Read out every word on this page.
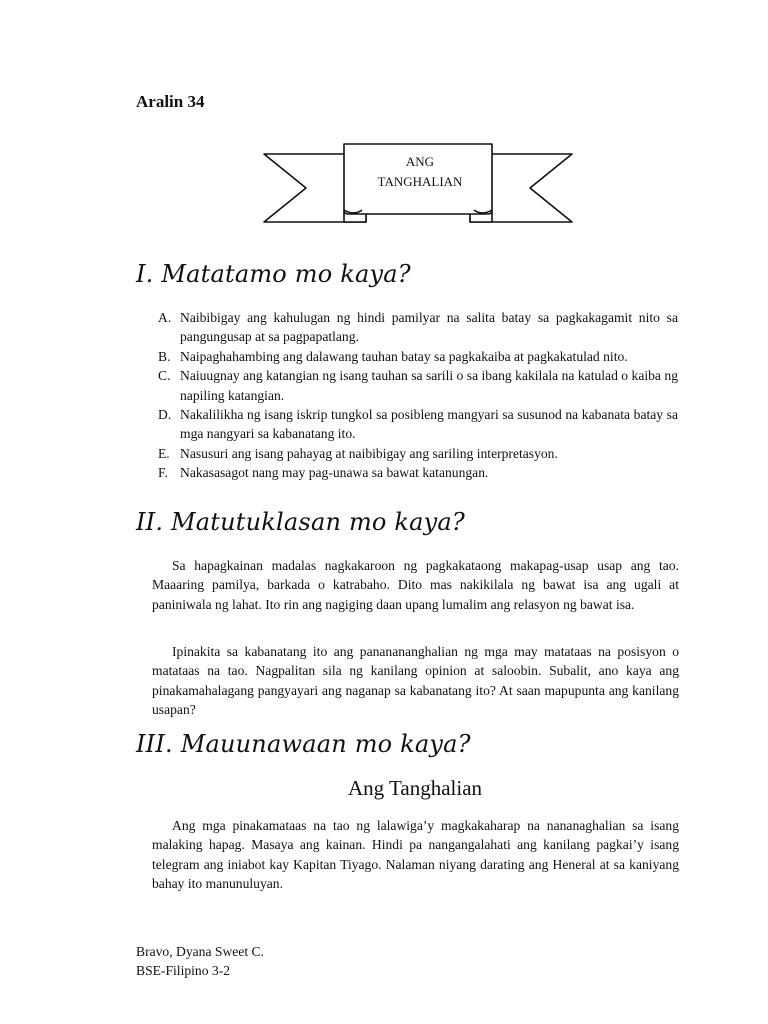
Aralin 34
ANG
TANGHALIAN
I. Matatamo mo kaya?
A. Naibibigay ang kahulugan ng hindi pamilyar na salita batay sa pagkakagamit nito sa pangungusap at sa pagpapatlang.
B. Naipaghahambing ang dalawang tauhan batay sa pagkakaiba at pagkakatulad nito.
C. Naiuugnay ang katangian ng isang tauhan sa sarili o sa ibang kakilala na katulad o kaiba ng napiling katangian.
D. Nakalilikha ng isang iskrip tungkol sa posibleng mangyari sa susunod na kabanata batay sa mga nangyari sa kabanatang ito.
E. Nasusuri ang isang pahayag at naibibigay ang sariling interpretasyon.
F. Nakasasagot nang may pag-unawa sa bawat katanungan.
II. Matutuklasan mo kaya?

Sa hapagkainan madalas nagkakaroon ng pagkakataong makapag-usap usap ang tao. Maaaring pamilya, barkada o katrabaho. Dito mas nakikilala ng bawat isa ang ugali at paniniwala ng lahat. Ito rin ang nagiging daan upang lumalim ang relasyon ng bawat isa.

Ipinakita sa kabanatang ito ang pananananghalian ng mga may matataas na posisyon o matataas na tao. Nagpalitan sila ng kanilang opinion at saloobin. Subalit, ano kaya ang pinakamahalagang pangyayari ang naganap sa kabanatang ito? At saan mapupunta ang kanilang usapan?

III. Mauunawaan mo kaya?
Ang Tanghalian

Ang mga pinakamataas na tao ng lalawiga’y magkakaharap na nananaghalian sa isang malaking hapag. Masaya ang kainan. Hindi pa nangangalahati ang kanilang pagkai’y isang telegram ang iniabot kay Kapitan Tiyago. Nalaman niyang darating ang Heneral at sa kaniyang bahay ito manunuluyan.

Bravo, Dyana Sweet C.
BSE-Filipino 3-2
